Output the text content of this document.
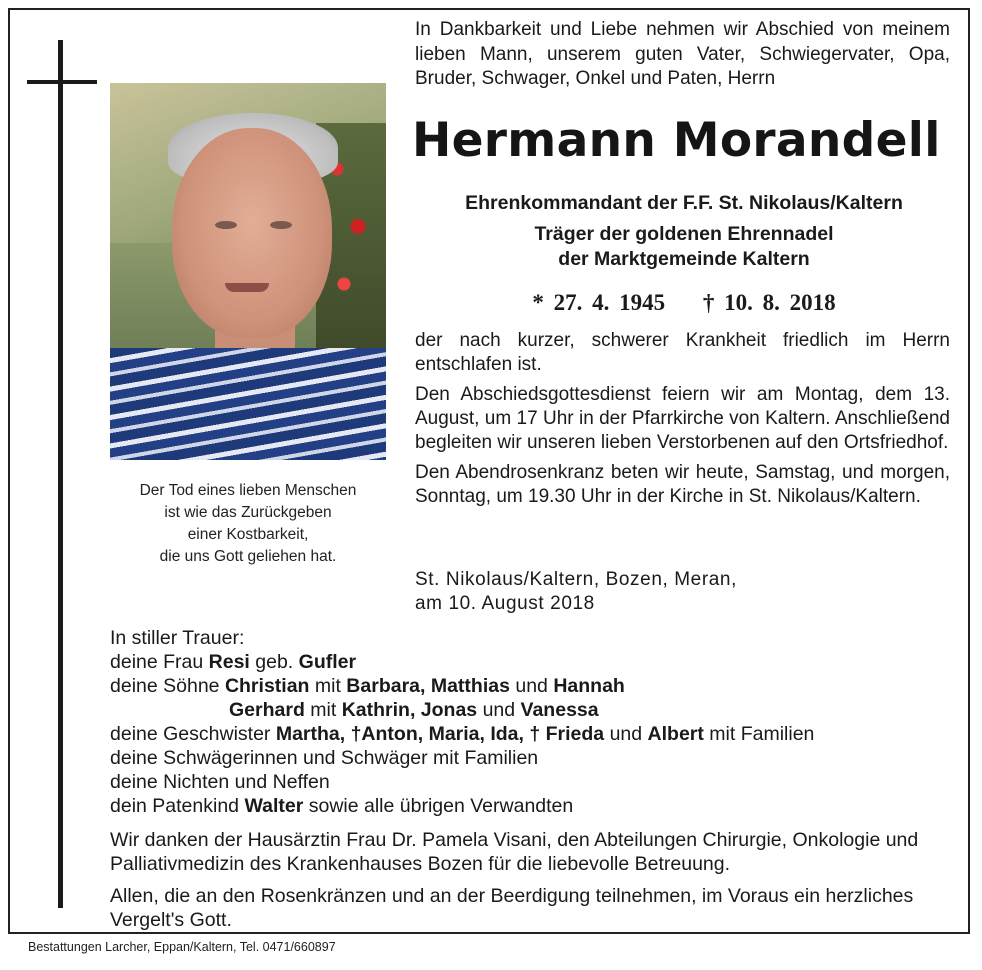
Der Tod eines lieben Menschen
ist wie das Zurückgeben
einer Kostbarkeit,
die uns Gott geliehen hat.
In Dankbarkeit und Liebe nehmen wir Abschied von meinem lieben Mann, unserem guten Vater, Schwiegervater, Opa, Bruder, Schwager, Onkel und Paten, Herrn
Hermann Morandell
Ehrenkommandant der F.F. St. Nikolaus/Kaltern
Träger der goldenen Ehrennadel
der Marktgemeinde Kaltern
* 27. 4. 1945 † 10. 8. 2018

der nach kurzer, schwerer Krankheit friedlich im Herrn entschlafen ist.

Den Abschiedsgottesdienst feiern wir am Montag, dem 13. August, um 17 Uhr in der Pfarrkirche von Kaltern. Anschließend begleiten wir unseren lieben Verstorbenen auf den Ortsfriedhof.

Den Abendrosenkranz beten wir heute, Samstag, und morgen, Sonntag, um 19.30 Uhr in der Kirche in St. Nikolaus/Kaltern.

St. Nikolaus/Kaltern, Bozen, Meran,
am 10. August 2018
In stiller Trauer:
deine Frau Resi geb. Gufler
deine Söhne Christian mit Barbara, Matthias und Hannah
Gerhard mit Kathrin, Jonas und Vanessa
deine Geschwister Martha, †Anton, Maria, Ida, † Frieda und Albert mit Familien
deine Schwägerinnen und Schwäger mit Familien
deine Nichten und Neffen
dein Patenkind Walter sowie alle übrigen Verwandten

Wir danken der Hausärztin Frau Dr. Pamela Visani, den Abteilungen Chirurgie, Onkologie und Palliativmedizin des Krankenhauses Bozen für die liebevolle Betreuung.

Allen, die an den Rosenkränzen und an der Beerdigung teilnehmen, im Voraus ein herzliches Vergelt's Gott.

Bestattungen Larcher, Eppan/Kaltern, Tel. 0471/660897
